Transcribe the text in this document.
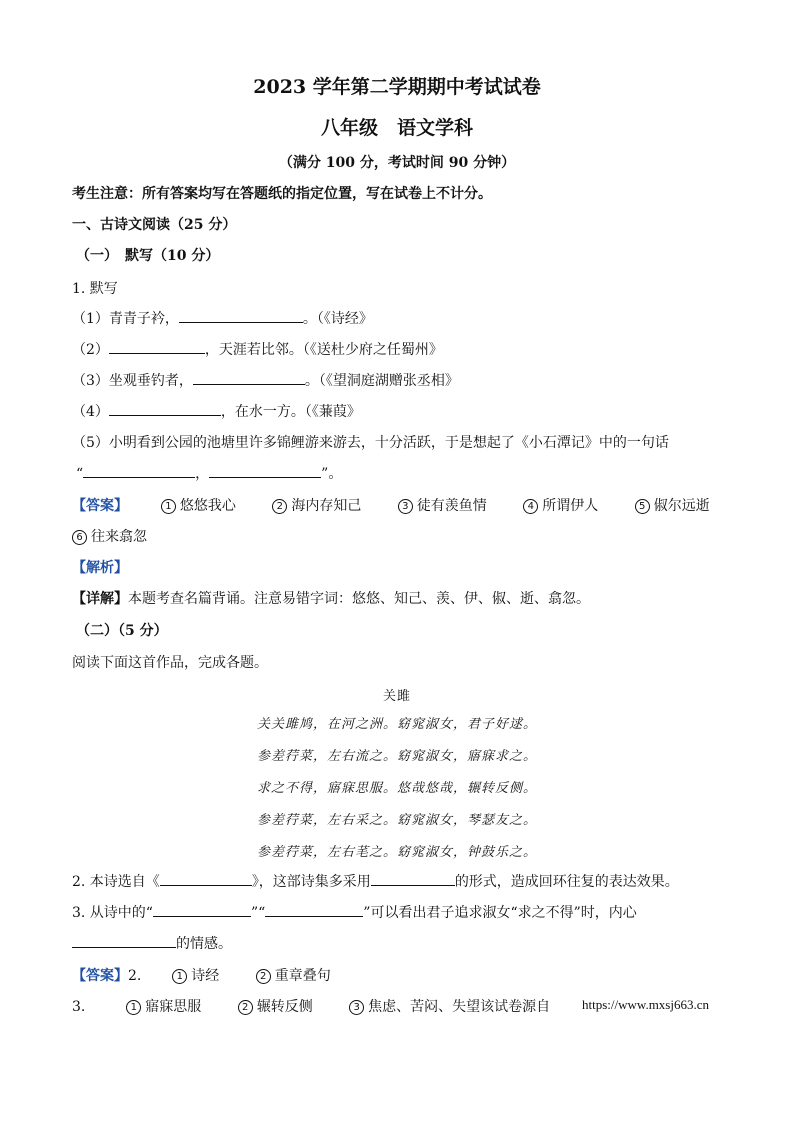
2023 学年第二学期期中考试试卷
八年级　语文学科
（满分 100 分，考试时间 90 分钟）
考生注意：所有答案均写在答题纸的指定位置，写在试卷上不计分。
一、古诗文阅读（25 分）
（一）　默写（10 分）
1. 默写
（1）青青子衿，	。（《诗经》
（2）	，天涯若比邻。（《送杜少府之任蜀州》
（3）坐观垂钓者，	。（《望洞庭湖赠张丞相》
（4）	，在水一方。（《蒹葭》
（5）小明看到公园的池塘里许多锦鲤游来游去，十分活跃，于是想起了《小石潭记》中的一句话
“	，	”。
【答案】	1 悠悠我心	2 海内存知己	3 徒有羡鱼情	4 所谓伊人	5 俶尔远逝
6 往来翕忽
【解析】
【详解】本题考查名篇背诵。注意易错字词：悠悠、知己、羡、伊、俶、逝、翕忽。
（二）（5 分）
阅读下面这首作品，完成各题。
关雎
关关雎鸠，在河之洲。窈窕淑女，君子好逑。
参差荇菜，左右流之。窈窕淑女，寤寐求之。
求之不得，寤寐思服。悠哉悠哉，辗转反侧。
参差荇菜，左右采之。窈窕淑女，琴瑟友之。
参差荇菜，左右芼之。窈窕淑女，钟鼓乐之。
2. 本诗选自《	》，这部诗集多采用	的形式，造成回环往复的表达效果。
3. 从诗中的“	”“	”可以看出君子追求淑女“求之不得”时，内心
的情感。
【答案】2.	1 诗经	2 重章叠句
3.	1 寤寐思服	2 辗转反侧	3 焦虑、苦闷、失望该试卷源自 https://www.mxsj663.cn
